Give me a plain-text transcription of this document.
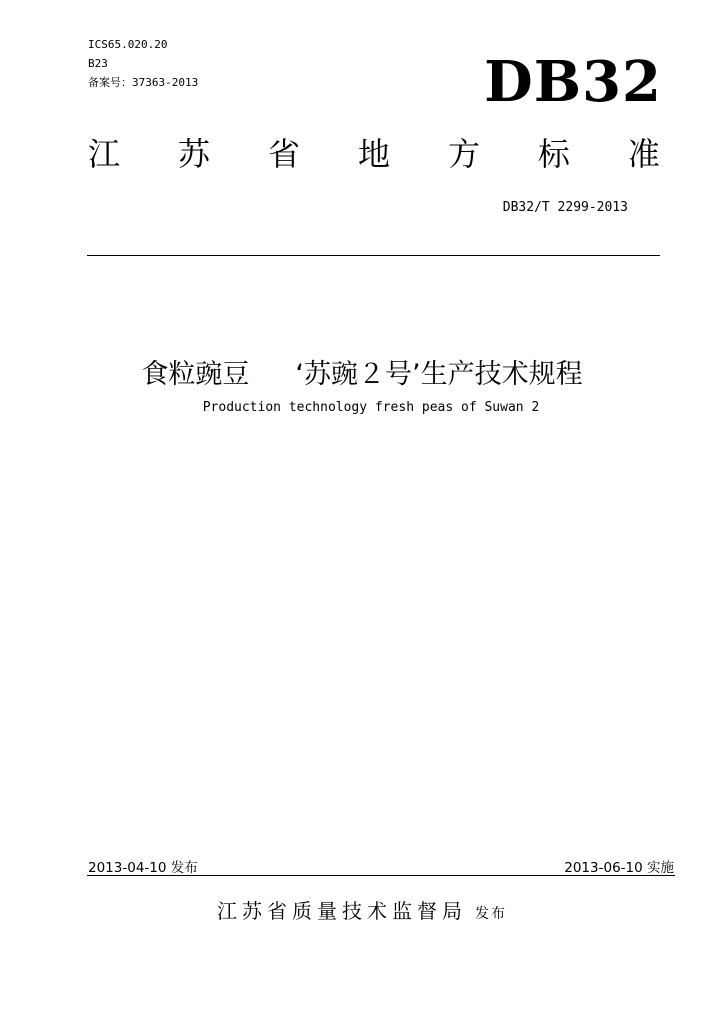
ICS65.020.20
B23
备案号：37363-2013	DB32
江 苏 省 地 方 标 准
DB32/T 2299-2013
食粒豌豆 ‘苏豌２号’生产技术规程
Production technology fresh peas of Suwan 2
2013-04-10 发布	2013-06-10 实施
江苏省质量技术监督局 发布
